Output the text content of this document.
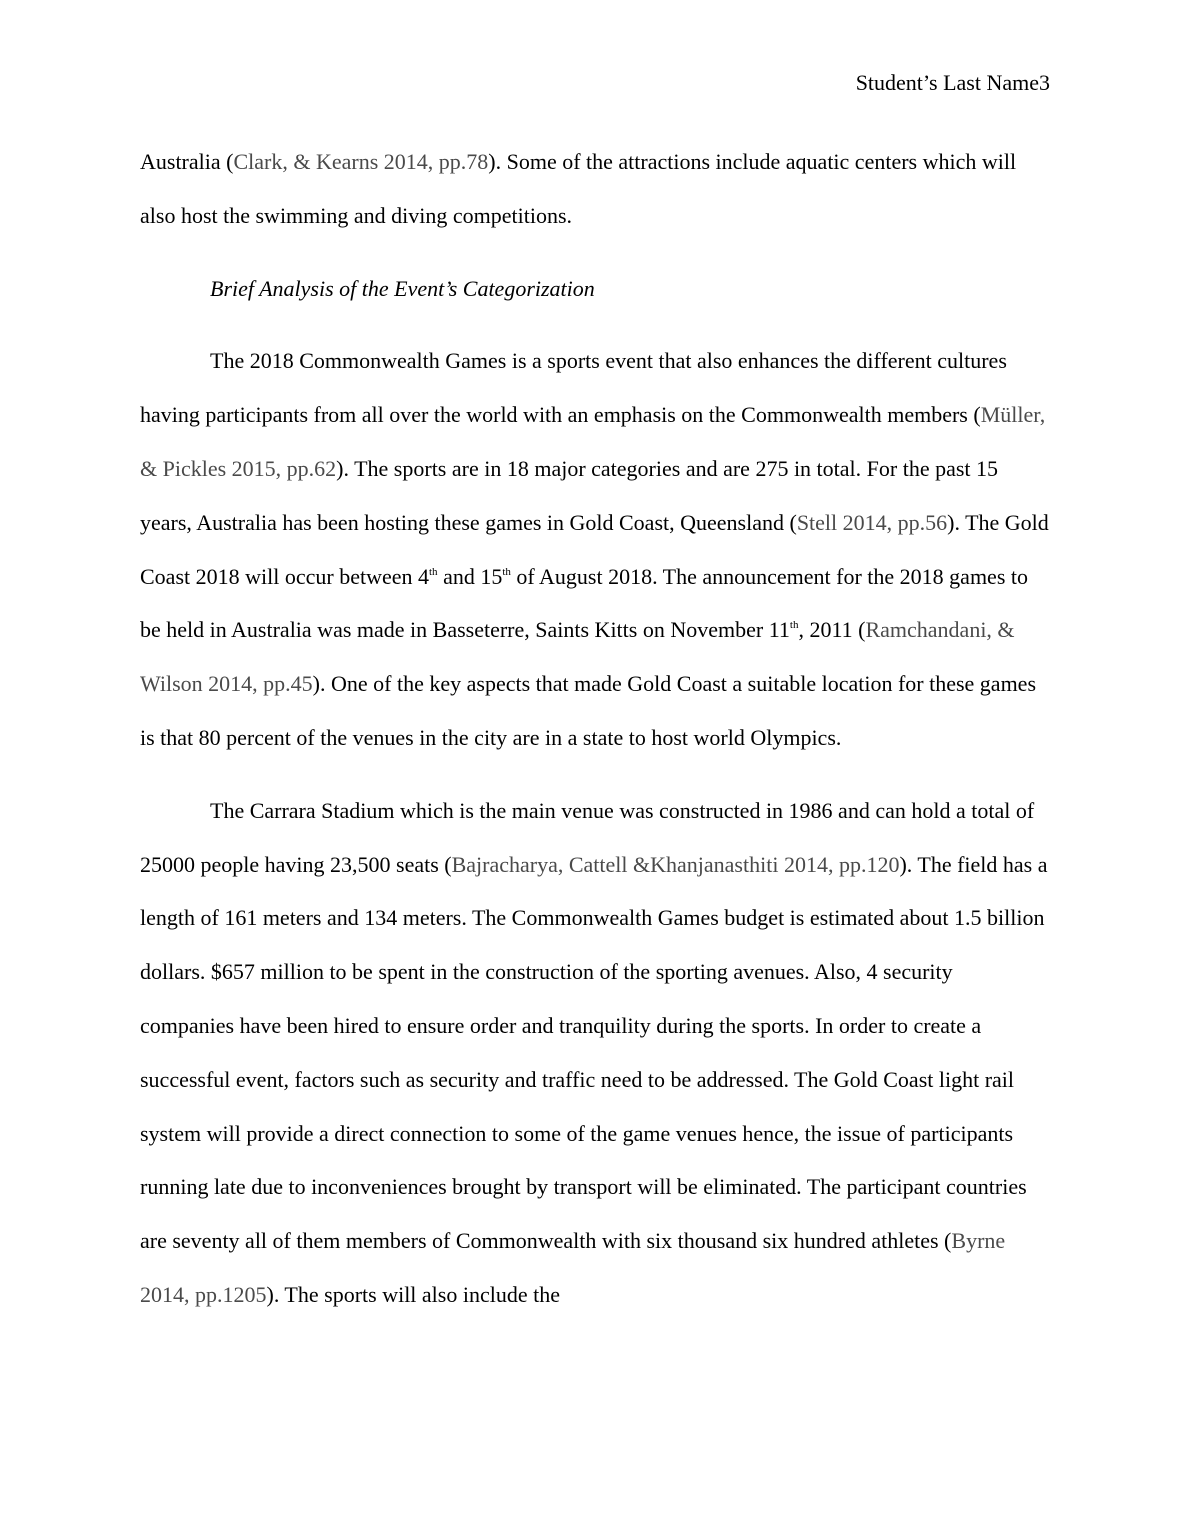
Student’s Last Name3

Australia (Clark, & Kearns 2014, pp.78). Some of the attractions include aquatic centers which will also host the swimming and diving competitions.

Brief Analysis of the Event’s Categorization

The 2018 Commonwealth Games is a sports event that also enhances the different cultures having participants from all over the world with an emphasis on the Commonwealth members (Müller, & Pickles 2015, pp.62). The sports are in 18 major categories and are 275 in total. For the past 15 years, Australia has been hosting these games in Gold Coast, Queensland (Stell 2014, pp.56). The Gold Coast 2018 will occur between 4th and 15th of August 2018. The announcement for the 2018 games to be held in Australia was made in Basseterre, Saints Kitts on November 11th, 2011 (Ramchandani, & Wilson 2014, pp.45). One of the key aspects that made Gold Coast a suitable location for these games is that 80 percent of the venues in the city are in a state to host world Olympics.

The Carrara Stadium which is the main venue was constructed in 1986 and can hold a total of 25000 people having 23,500 seats (Bajracharya, Cattell &Khanjanasthiti 2014, pp.120). The field has a length of 161 meters and 134 meters. The Commonwealth Games budget is estimated about 1.5 billion dollars. $657 million to be spent in the construction of the sporting avenues. Also, 4 security companies have been hired to ensure order and tranquility during the sports. In order to create a successful event, factors such as security and traffic need to be addressed. The Gold Coast light rail system will provide a direct connection to some of the game venues hence, the issue of participants running late due to inconveniences brought by transport will be eliminated. The participant countries are seventy all of them members of Commonwealth with six thousand six hundred athletes (Byrne 2014, pp.1205). The sports will also include the
